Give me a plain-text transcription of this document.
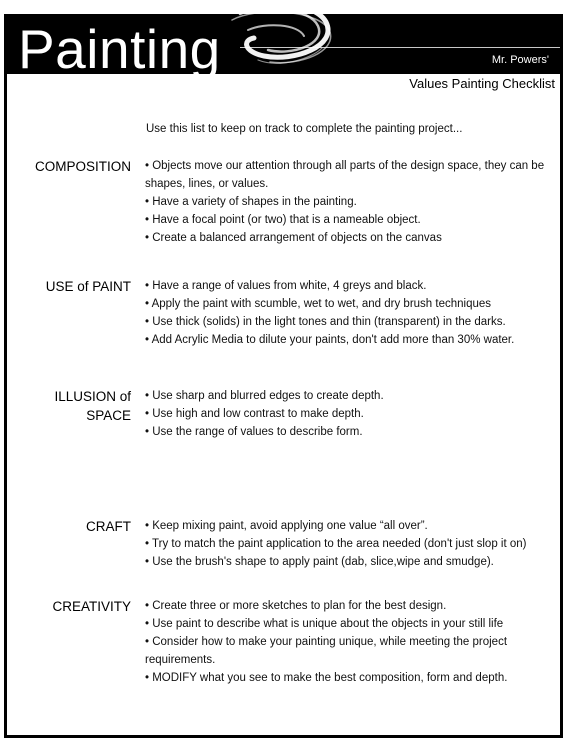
Painting	Mr. Powers'
Values Painting Checklist
Use this list to keep on track to complete the painting project...
COMPOSITION • Objects move our attention through all parts of the design space, they can be shapes, lines, or values.
• Have a variety of shapes in the painting.
• Have a focal point (or two) that is a nameable object.
• Create a balanced arrangement of objects on the canvas
USE of PAINT • Have a range of values from white, 4 greys and black.
• Apply the paint with scumble, wet to wet, and dry brush techniques
• Use thick (solids) in the light tones and thin (transparent) in the darks.
• Add Acrylic Media to dilute your paints, don't add more than 30% water.
ILLUSION of
SPACE
• Use sharp and blurred edges to create depth.
• Use high and low contrast to make depth.
• Use the range of values to describe form.
CRAFT • Keep mixing paint, avoid applying one value “all over”.
• Try to match the paint application to the area needed (don't just slop it on)
• Use the brush's shape to apply paint (dab, slice,wipe and smudge).
CREATIVITY • Create three or more sketches to plan for the best design.
• Use paint to describe what is unique about the objects in your still life
• Consider how to make your painting unique, while meeting the project requirements.
• MODIFY what you see to make the best composition, form and depth.
